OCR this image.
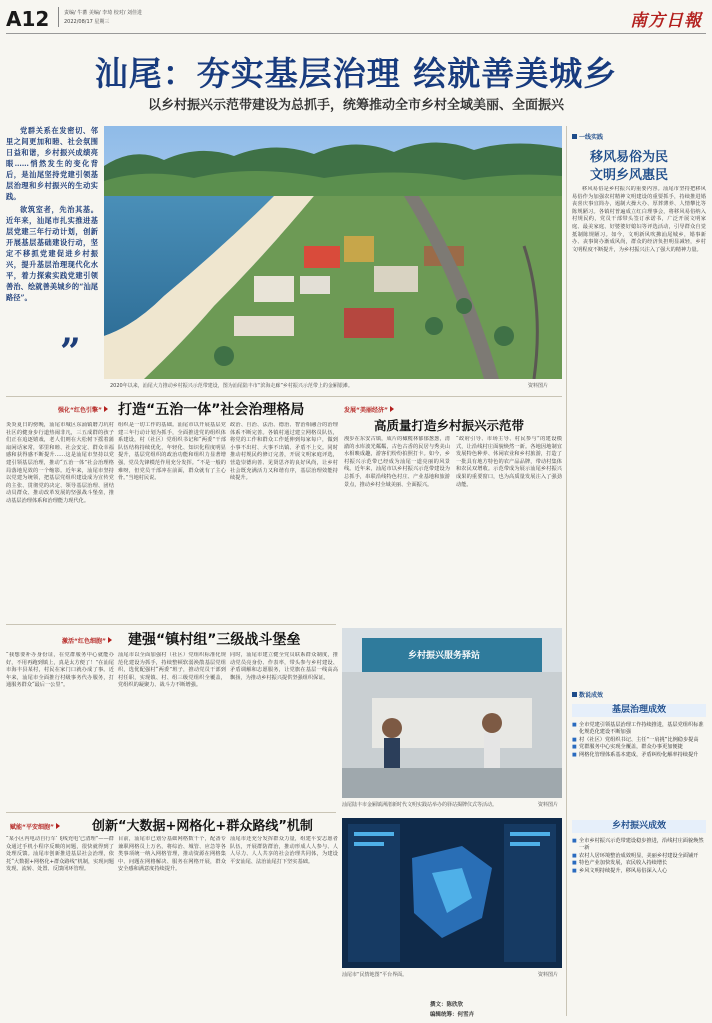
A12	责编/ 牛蕃 美编/ 李琦 校对/ 刘佳进
2022/08/17 星期三	南方日報
汕尾：夯实基层治理 绘就善美城乡
以乡村振兴示范带建设为总抓手，统筹推动全市乡村全域美丽、全面振兴

党群关系在发密切、邻里之间更加和睦、社会氛围日益和谐，乡村振兴成绩亮眼……悄然发生的变化背后，是汕尾坚持党建引领基层治理和乡村振兴的生动实践。

欲筑室者，先治其基。近年来，汕尾市扎实推进基层党建三年行动计划，创新开展基层基础建设行动，坚定不移抓党建促进乡村振兴，提升基层治理现代化水平，着力探索实践党建引领善治、绘就善美城乡的“汕尾路径”。

”
2020年以来，汕尾大力推动乡村振兴示范带建设，图为汕尾陆丰市“滨海走廊”乡村振兴示范带上的金厢银滩。	资料图片
强化“红色引擎”	打造“五治一体”社会治理格局
炎炎夏日的傍晚，汕尾市城区东涌镇磨刀坑村社区的健身步行道热闹非凡，三五成群的孩子们正在追逐嬉戏，老人们则在大松树下摇着蒲扇闲话家常，邻里和睦、社会安定、群众幸福感和获得感不断提升……这是汕尾市坚持以党建引领基层治理，推动“五治一体”社会治理格局落地见效的一个缩影。近年来，汕尾市坚持以党建为统领，把基层党组织建设成为宣传党的主张、贯彻党的决定、领导基层治理、团结动员群众、推动改革发展的坚强战斗堡垒，推动基层治理体系和治理能力现代化。
组织是一切工作的基础。汕尾市以开展基层党建三年行动计划为抓手，全面推进党的组织体系建设，村（社区）党组织书记和“两委”干部队伍结构持续优化，年轻化、知识化程度明显提升，基层党组织的政治功能和组织力显著增强，党员先锋模范作用充分发挥。“不是一般的难呀，但党员干部冲在前面，群众就有了主心骨。”当地村民说。
政治、自治、法治、德治、智治相融合的治理体系不断完善。各镇村通过建立网格员队伍，将党的工作和群众工作延伸到每家每户，做到小事不出村、大事不出镇、矛盾不上交。同时推动村规民约修订完善，开展文明家庭评选，营造崇德向善、见贤思齐的良好风尚，让乡村社会既充满活力又和谐有序，基层治理效能持续提升。
发展“美丽经济”
高质量打造乡村振兴示范带
漫步在东安古镇，成片的橄榄林郁郁葱葱，清澈的水库波光粼粼，古色古香的民居与秀美山水相映成趣，游客们纷纷拍照打卡。如今，乡村振兴示范带已经成为汕尾一道亮丽的风景线。近年来，汕尾市以乡村振兴示范带建设为总抓手，串联沿线特色村庄、产业基地和旅游景点，推动乡村全域美丽、全面振兴。
“政府引导、市场主导、村民参与”的建设模式，让沿线村庄面貌焕然一新。各地因地制宜发展特色种养、休闲农业和乡村旅游，打造了一批具有地方特色的农产品品牌，带动村集体和农民双增收。示范带成为展示汕尾乡村振兴成果的重要窗口，也为高质量发展注入了强劲动能。
激活“红色细胞”	建强“镇村组”三级战斗堡垒
“我想要补办身份证，在党群服务中心就能办好，不用再跑到镇上，真是太方便了！”在汕尾市海丰县某村，村民在家门口就办成了事。近年来，汕尾市全面推行村级事务代办服务，打通服务群众“最后一公里”。
汕尾市以全面加强村（社区）党组织标准化规范化建设为抓手，持续整顿软弱涣散基层党组织，选优配强村“两委”班子，推动党员干部到村任职，实现镇、村、组三级党组织全覆盖，党组织的凝聚力、战斗力不断增强。
同时，汕尾市建立健全党员联系群众制度，推动党员亮身份、作表率，带头参与乡村建设、矛盾调解和志愿服务，让党旗在基层一线高高飘扬，为推动乡村振兴提供坚强组织保证。
乡村振兴服务驿站
汕尾陆丰市金厢镇洲渚新时代文明实践站举办的驿站揭牌仪式等活动。	资料图片
赋能“平安细胞”	创新“大数据+网格化+群众路线”机制
“某小区内电动自行车‘飞线充电’已清理”——群众通过手机小程序反映的问题，很快就得到了处理反馈。汕尾市创新推进基层社会治理，依托“大数据+网格化+群众路线”机制，实现问题发现、流转、处置、反馈闭环管理。
目前，汕尾市已划分基础网格数千个，配备专兼职网格员上万名，将综治、城管、应急等各类事项统一纳入网格管理，推动资源在网格集中、问题在网格解决、服务在网格开展，群众安全感和满意度持续提升。
汕尾市还充分发挥群众力量，组建平安志愿者队伍，开展群防群治，推动形成人人参与、人人尽力、人人共享的社会治理共同体，为建设平安汕尾、法治汕尾打下坚实基础。
汕尾市“民情地图”平台界面。	资料图片
撰文：陈欣欣
编辑统筹：何雪卉
一线实践
移风易俗为民
文明乡风惠民
移风易俗是乡村振兴的重要内容。汕尾市坚持把移风易俗作为加强农村精神文明建设的重要抓手，持续推进婚丧喜庆事宜简办，遏制大操大办、厚葬薄养、人情攀比等陈规陋习。各镇村普遍成立红白理事会，将移风易俗纳入村规民约，党员干部带头签订承诺书，广泛开展文明家庭、最美家庭、好婆婆好媳妇等评选活动，引导群众自觉抵制陈规陋习。如今，文明新风吹拂汕尾城乡，婚事新办、丧事简办渐成风尚，群众的经济负担明显减轻，乡村文明程度不断提升，为乡村振兴注入了强大的精神力量。
数说成效
基层治理成效
■ 全市党建引领基层治理工作持续推进，基层党组织标准化规范化建设不断加强
■ 村（社区）党组织书记、主任“一肩挑”比例稳步提高
■ 党群服务中心实现全覆盖，群众办事更加便捷
■ 网格化管理体系基本建成，矛盾纠纷化解率持续提升
乡村振兴成效
■ 全市乡村振兴示范带建设稳步推进，沿线村庄面貌焕然一新
■ 农村人居环境整治成效明显，美丽乡村建设全面铺开
■ 特色产业加快发展，农民收入持续增长
■ 乡风文明持续提升，移风易俗深入人心
